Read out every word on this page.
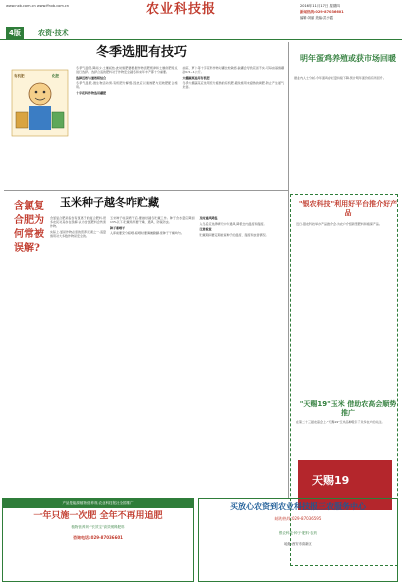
www.nxb.com.cn www.ffnxb.com.cn	农业科技报	2016年11月17日 星期四
新闻热线:029-87036601
编辑:刘丽 美编:武小霞
4版	农资·技术
有机肥	化肥
冬季选肥有技巧
冬季气温低,降雨少,土壤板结,此时施肥要根据作物需肥规律和土壤供肥特点进行选择。选择合适的肥料对于作物安全越冬和来年丰产都十分重要。
选择迟效与速效相结合
冬季气温低,微生物活动弱,有机肥分解慢,因此应以速效肥与迟效肥配合施用。
十字花科作物选用硼肥
油菜、萝卜等十字花科作物对硼比较敏感,缺硼会导致花而不实,可每亩基施硼砂0.5~1公斤。
大棚蔬菜选用有机肥
冬季大棚蔬菜应选用充分腐熟的有机肥,避免施用未腐熟的粪肥,防止产生氨气危害。
玉米种子越冬咋贮藏
含氯复合肥为何常被误解?
含氯复合肥是指含有氯离子的复合肥料,很多农民对其存在误解,认为含氯肥料会伤害作物。
实际上,氯是作物必需的营养元素之一,适量施用对大多数作物是安全的。
玉米种子收获晒干后,要做好越冬贮藏工作。种子含水量应降到13%以下,贮藏场所要干燥、通风、防鼠防虫。
种子要晒干
入库前要充分晾晒,晾晒时要薄摊勤翻,使种子干燥均匀。
及时通风降温
入冬后应选择晴天中午通风,降低仓内温度和湿度。
注意检查
贮藏期间要定期检查种子的温度、湿度和虫害情况。
明年蛋鸡养殖或获市场回暖
据业内人士分析,今年蛋鸡存栏量持续下降,预计明年蛋价将有所回升。
"银农科技"利用好平台推介好产品
近日,银农科技举办产品推介会,为农户介绍新型肥料和植保产品。
"天赐19"玉米 借助农高会顺势推广
在第二十三届农高会上,"天赐19"玉米品种吸引了众多农户的关注。
天赐19
产品是能源植物营养剂,农业科技报社全国推广
一年只施一次肥 全年不再用追肥
植物营养剂·"长效宝"高效缓释肥料
咨询电话:029-87036601
买放心农资到农业科技报三农服务中心
邮购热线:029-87036595
银农科技·种子·肥料·农药
地址:西安市高新区
